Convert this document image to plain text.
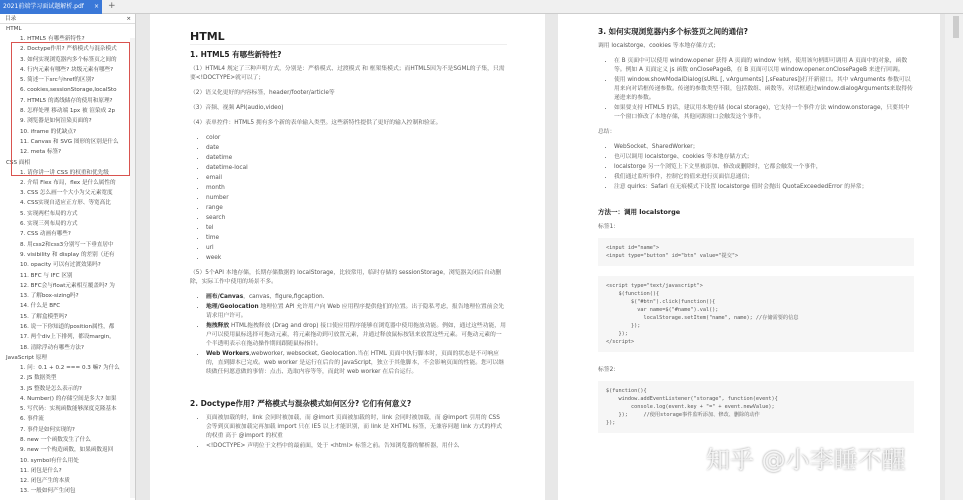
2021前端学习面试题解析.pdf × +
目录	×
HTML
1. HTML5 有哪些新特性?
2. Doctype作用? 严格模式与混杂模式
3. 如何实现浏览器内多个标签页之间的
4. 行内元素有哪些? 块级元素有哪些?
5. 简述一下src与href的区别?
6. cookies,sessionStorage,localSto
7. HTML5 的离线储存的使用和原理?
8. 怎样处理 移动端 1px 被 渲染成 2p
9. 浏览器是如何渲染页面的?
10. iframe 的优缺点?
11. Canvas 和 SVG 图形的区别是什么
12. meta 标签?
CSS 面相
1. 请你讲一讲 CSS 的权重和优先级
2. 介绍 Flex 布局，flex 是什么属性的
3. CSS 怎么画一个大小为父元素宽度
4. CSS实现自适应正方形、等宽高比
5. 实现两栏布局的方式
6. 实现三列布局的方式
7. CSS 动画有哪些?
8. 用css2和css3分别写一下垂直居中
9. visibility 和 display 的差别（还有
10. opacity 可以有过渡效果吗?
11. BFC 与 IFC 区别
12. BFC会与float元素相互覆盖吗? 为
13. 了解box-sizing吗?
14. 什么是 BFC
15. 了解盒模型吗?
16. 说一下你知道的position属性，都
17. 两个div上下排列，都设margin，
18. 清除浮动有哪些方法?
JavaScript 原理
1. 问：0.1 + 0.2 === 0.3 嘛? 为什么
2. JS 数据类型
3. JS 整数是怎么表示的?
4. Number() 的存储空间是多大? 如果
5. 写代码：实现函数能够深度克隆基本
6. 事件流
7. 事件是如何实现的?
8. new 一个函数发生了什么
9. new 一个构造函数，如果函数返回
10. symbol有什么用处
11. 闭包是什么?
12. 闭包产生的本质
13. 一般如何产生闭包
HTML
1. HTML5 有哪些新特性?

（1）HTML4 规定了三种声明方式，分别是：严格模式、过渡模式 和 框架集模式；而HTML5因为不是SGML的子集，只需要<!DOCTYPE>就可以了；

（2）语义化更好的内容标签，header/footer/article等

（3）音频、视频 API(audio,video)

（4）表单控件：HTML5 拥有多个新的表单输入类型。这些新特性提供了更好的输入控制和验证。

• color
• date
• datetime
• datetime-local
• email
• month
• number
• range
• search
• tel
• time
• url
• week

（5）5个API 本地存储，长期存储数据的 localStorage，比较常用，临时存储的 sessionStorage，浏览器关闭后自动删除，实际工作中使用的场景不多。

• 画布/Canvas，canvas、figure,figcaption.
• 地理/Geolocation 地理位置 API 允许用户向 Web 应用程序提供他们的位置。出于隐私考虑，报告地理位置前会先请求用户许可。
• 拖拽释放 HTML拖拽释放 (Drag and drop) 接口使应用程序能够在浏览器中使用拖放功能。例如，通过这些功能，用户可以使用鼠标选择可拖动元素，将元素拖动到可放置元素，并通过释放鼠标按钮来放置这些元素。可拖动元素的一个半透明表示在拖动操作期间跟随鼠标指针。
• Web Workers,webworker, websocket, Geolocation.当在 HTML 页面中执行脚本时，页面的状态是不可响应的，直到脚本已完成。web worker 是运行在后台的 JavaScript，独立于其他脚本，不会影响页面的性能。您可以继续做任何愿意做的事情：点击、选取内容等等，而此时 web worker 在后台运行。
2. Doctype作用? 严格模式与混杂模式如何区分? 它们有何意义?
• 页面被加载的时，link 会同时被加载，而 @imort 页面被加载的时，link 会同时被加载，而 @import 引用的 CSS 会等到页面被加载完再加载 import 只在 IE5 以上才能识别，而 link 是 XHTML 标签，无兼容问题 link 方式的样式的权重 高于 @import 的权重
• <!DOCTYPE> 声明位于文档中的最前面，处于 <html> 标签之前。告知浏览器的解析器，用什么
3. 如何实现浏览器内多个标签页之间的通信?

调用 localstorge、cookies 等本地存储方式；

• 在 B 页面中可以使用 window.opener 获得 A 页面的 window 句柄，使用该句柄即可调用 A 页面中的对象，函数等。例如 A 页面定义 js 函数 onClosePageB，在 B 页面可以用 window.opener.onClosePageB 来进行回调。
• 使用 window.showModalDialog(sURL [, vArguments] [,sFeatures])打开新窗口。其中 vArguments 参数可以用来向对话框传递参数。传递的参数类型不限，包括数组、函数等。对话框通过window.dialogArguments来取得传递进来的参数。
• 如果要支持 HTML5 的话，建议用本地存储 (local storage)，它支持一个事件方法 window.onstorage，只要其中一个窗口修改了本地存储，其他同源窗口会触发这个事件。

总结：

• WebSocket、SharedWorker；
• 也可以调用 localstorge、cookies 等本地存储方式；
• localstorge 另一个浏览上下文里被添加、修改或删除时，它都会触发一个事件，
• 我们通过监听事件，控制它的值来进行页面信息通信；
• 注意 quirks：Safari 在无痕模式下设置 localstorge 值时会抛出 QuotaExceededError 的异常；
方法一：调用 localstorge

标签1：

<input id="name">
<input type="button" id="btn" value="提交">
<script type="text/javascript">
$(function(){
$("#btn").click(function(){
var name=$("#name").val();
localStorage.setItem("name", name); //存储需要的信息
});
});
</script>

标签2：

$(function(){
window.addEventListener("storage", function(event){
console.log(event.key + "=" + event.newValue);
});     //使用storage事件监听添加、修改、删除的动作
});
知乎 @小李睡不醒
